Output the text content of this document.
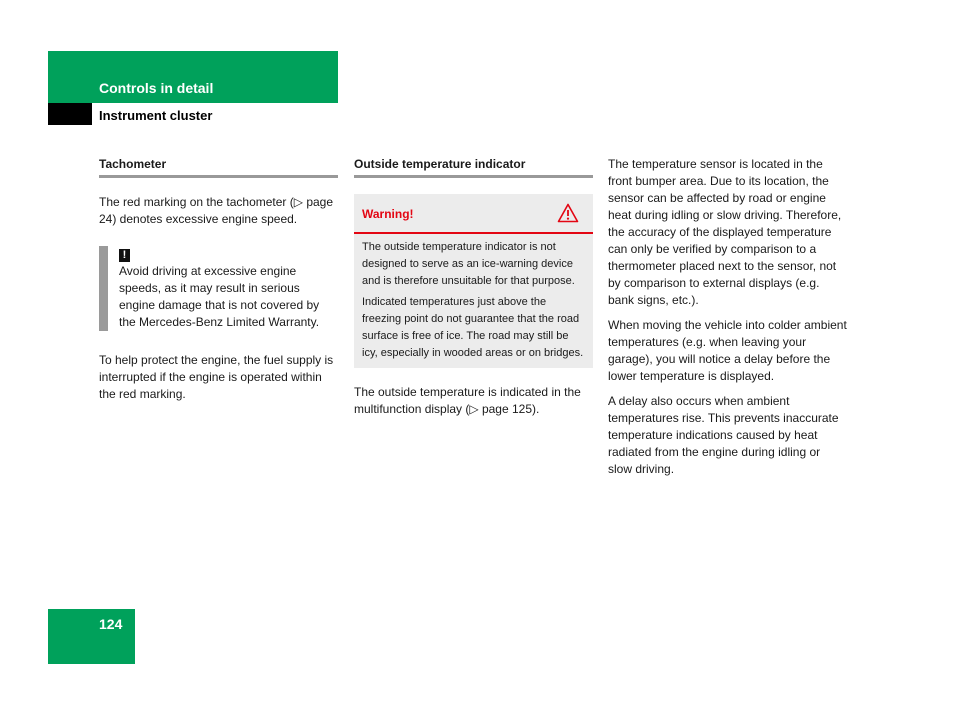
Controls in detail
Instrument cluster
Tachometer

The red marking on the tachometer (▷ page 24) denotes excessive engine speed.

!

Avoid driving at excessive engine speeds, as it may result in serious engine damage that is not covered by the Mercedes-Benz Limited Warranty.

To help protect the engine, the fuel supply is interrupted if the engine is operated within the red marking.

Outside temperature indicator
Warning!

The outside temperature indicator is not designed to serve as an ice-warning device and is therefore unsuitable for that purpose.

Indicated temperatures just above the freezing point do not guarantee that the road surface is free of ice. The road may still be icy, especially in wooded areas or on bridges.

The outside temperature is indicated in the multifunction display (▷ page 125).

The temperature sensor is located in the front bumper area. Due to its location, the sensor can be affected by road or engine heat during idling or slow driving. Therefore, the accuracy of the displayed temperature can only be verified by comparison to a thermometer placed next to the sensor, not by comparison to external displays (e.g. bank signs, etc.).

When moving the vehicle into colder ambient temperatures (e.g. when leaving your garage), you will notice a delay before the lower temperature is displayed.

A delay also occurs when ambient temperatures rise. This prevents inaccurate temperature indications caused by heat radiated from the engine during idling or slow driving.

124
